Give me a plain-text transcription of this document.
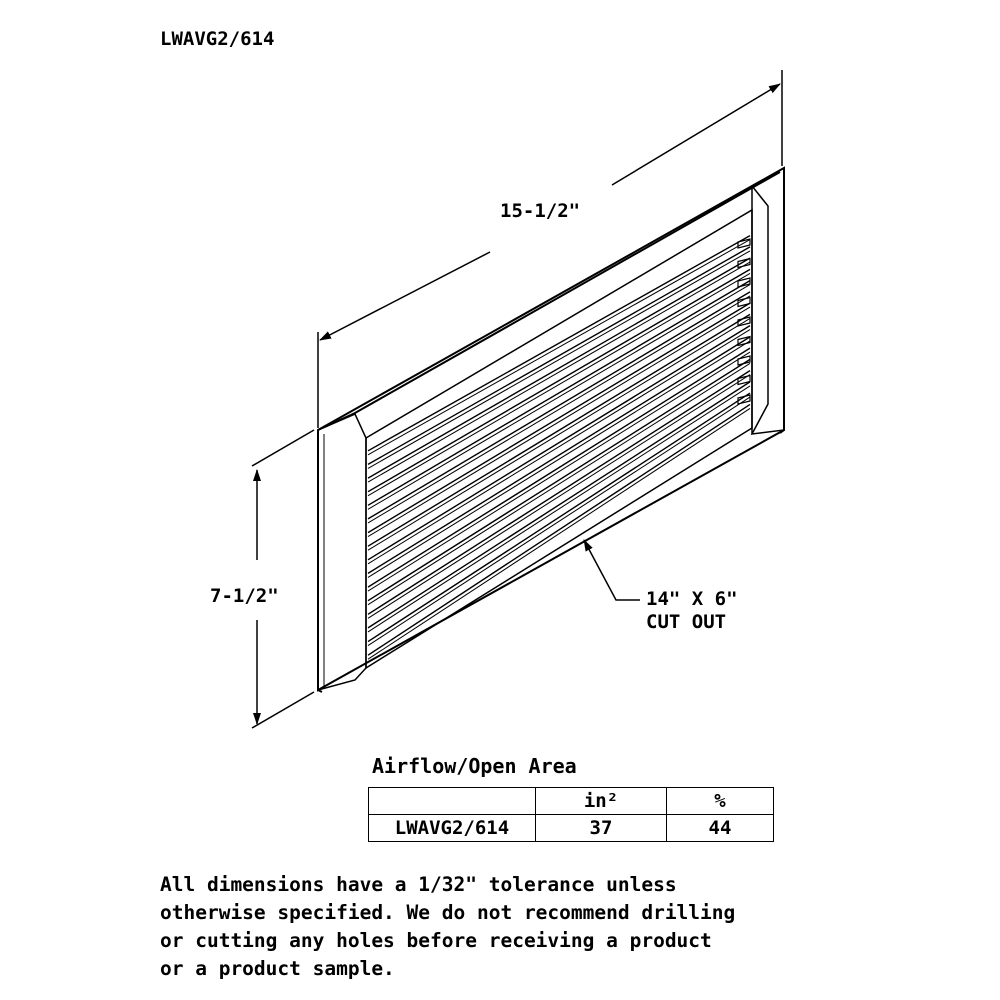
LWAVG2/614
15-1/2"
7-1/2"	14" X 6"
CUT OUT
Airflow/Open Area
	in²	%
LWAVG2/614	37	44
All dimensions have a 1/32" tolerance unless
otherwise specified. We do not recommend drilling
or cutting any holes before receiving a product
or a product sample.
